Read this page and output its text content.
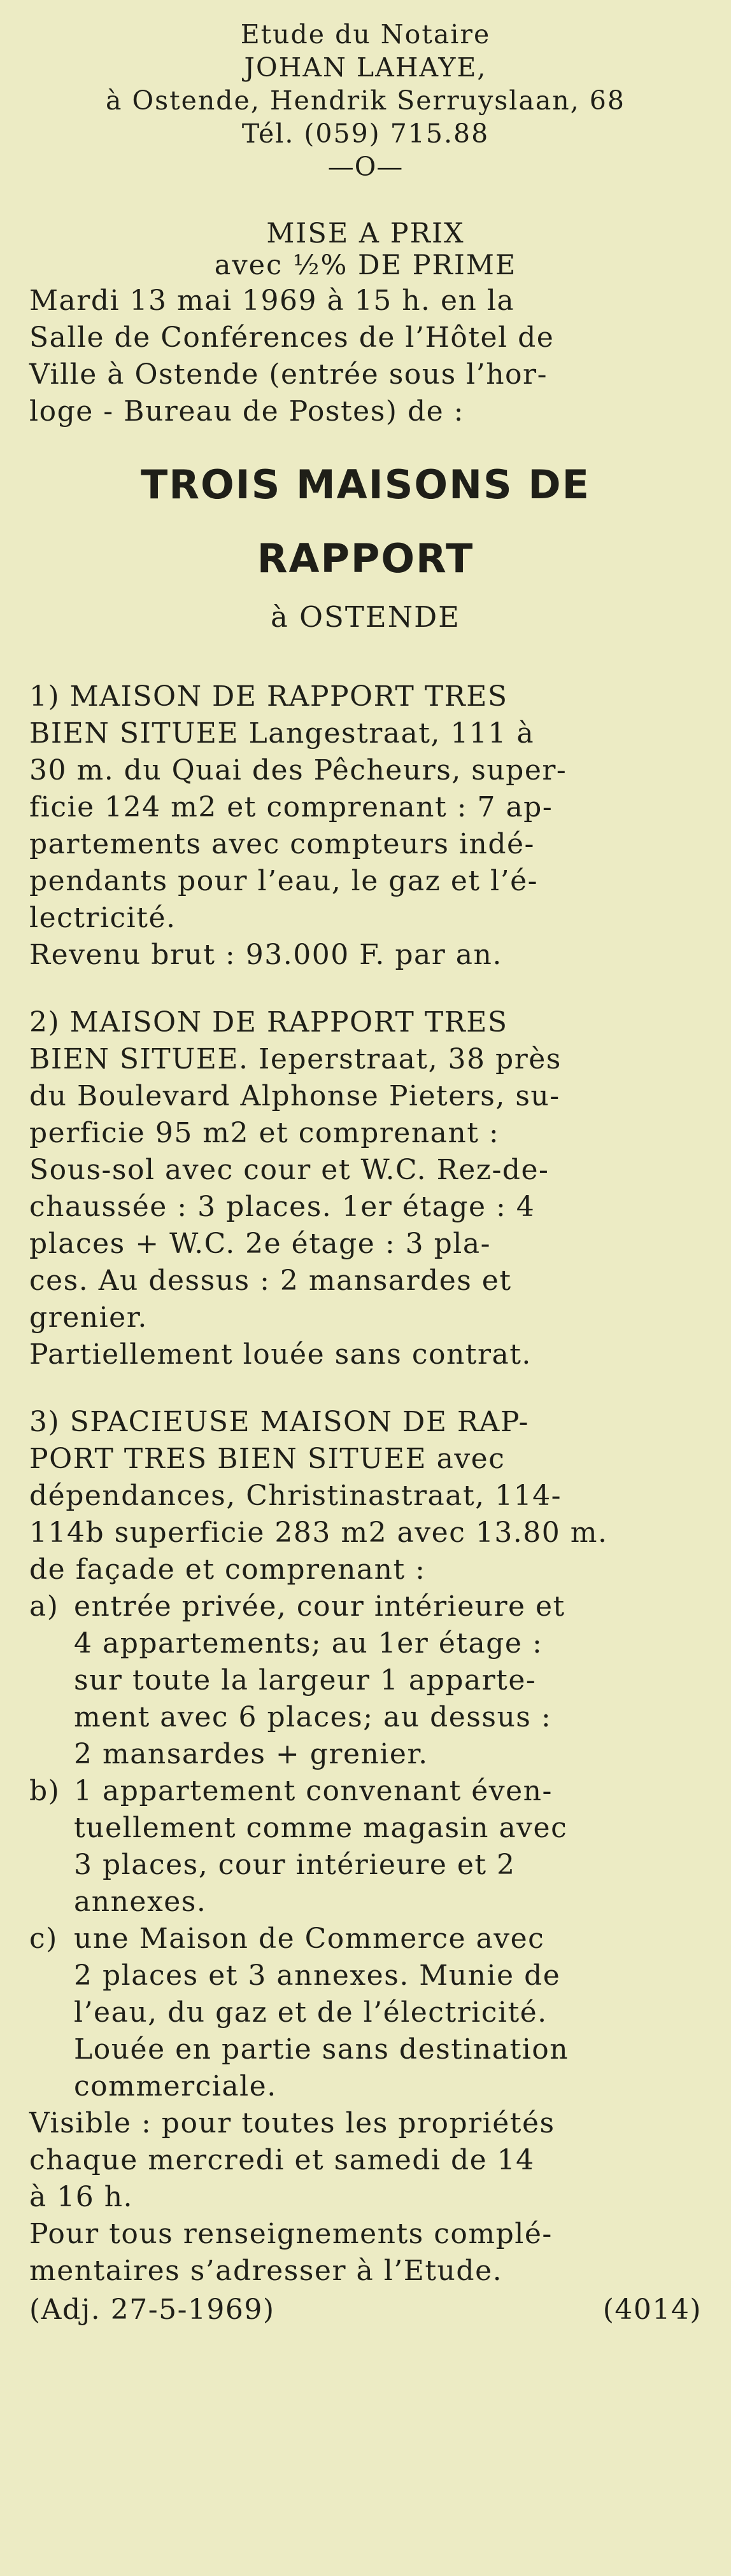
Etude du Notaire
JOHAN LAHAYE,
à Ostende, Hendrik Serruyslaan, 68
Tél. (059) 715.88
—O—
MISE A PRIX
avec ½% DE PRIME
Mardi 13 mai 1969 à 15 h. en la
Salle de Conférences de l’Hôtel de
Ville à Ostende (entrée sous l’hor-
loge - Bureau de Postes) de :
TROIS MAISONS DE
RAPPORT
à OSTENDE
1) MAISON DE RAPPORT TRES
BIEN SITUEE Langestraat, 111 à
30 m. du Quai des Pêcheurs, super-
ficie 124 m2 et comprenant : 7 ap-
partements avec compteurs indé-
pendants pour l’eau, le gaz et l’é-
lectricité.
Revenu brut : 93.000 F. par an.
2) MAISON DE RAPPORT TRES
BIEN SITUEE. Ieperstraat, 38 près
du Boulevard Alphonse Pieters, su-
perficie 95 m2 et comprenant :
Sous-sol avec cour et W.C. Rez-de-
chaussée : 3 places. 1er étage : 4
places + W.C. 2e étage : 3 pla-
ces. Au dessus : 2 mansardes et
grenier.
Partiellement louée sans contrat.
3) SPACIEUSE MAISON DE RAP-
PORT TRES BIEN SITUEE avec
dépendances, Christinastraat, 114-
114b superficie 283 m2 avec 13.80 m.
de façade et comprenant :
a) entrée privée, cour intérieure et
4 appartements; au 1er étage :
sur toute la largeur 1 apparte-
ment avec 6 places; au dessus :
2 mansardes + grenier.
b) 1 appartement convenant éven-
tuellement comme magasin avec
3 places, cour intérieure et 2
annexes.
c) une Maison de Commerce avec
2 places et 3 annexes. Munie de
l’eau, du gaz et de l’électricité.
Louée en partie sans destination
commerciale.
Visible : pour toutes les propriétés
chaque mercredi et samedi de 14
à 16 h.
Pour tous renseignements complé-
mentaires s’adresser à l’Etude.
(Adj. 27-5-1969)	(4014)
